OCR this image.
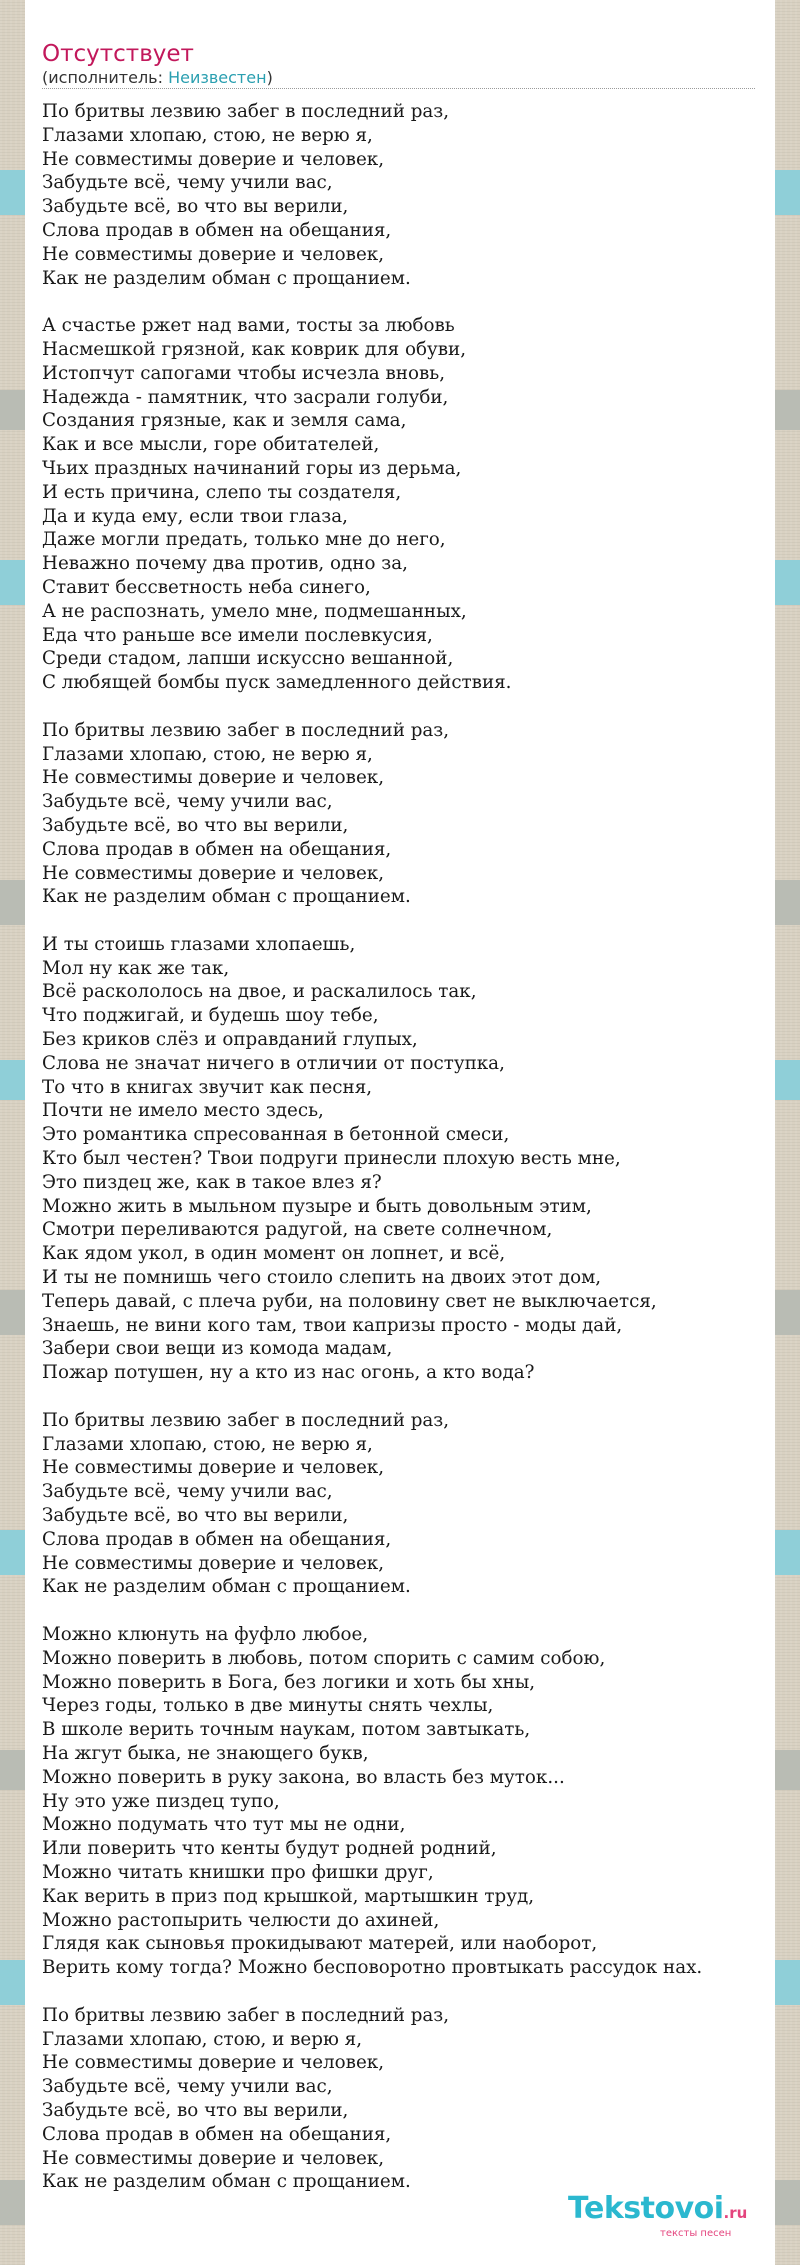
Отсутствует
(исполнитель: Неизвестен)
По бритвы лезвию забег в последний раз,
Глазами хлопаю, стою, не верю я,
Не совместимы доверие и человек,
Забудьте всё, чему учили вас,
Забудьте всё, во что вы верили,
Слова продав в обмен на обещания,
Не совместимы доверие и человек,
Как не разделим обман с прощанием.
А счастье ржет над вами, тосты за любовь
Насмешкой грязной, как коврик для обуви,
Истопчут сапогами чтобы исчезла вновь,
Надежда - памятник, что засрали голуби,
Создания грязные, как и земля сама,
Как и все мысли, горе обитателей,
Чьих праздных начинаний горы из дерьма,
И есть причина, слепо ты создателя,
Да и куда ему, если твои глаза,
Даже могли предать, только мне до него,
Неважно почему два против, одно за,
Ставит бессветность неба синего,
А не распознать, умело мне, подмешанных,
Еда что раньше все имели послевкусия,
Среди стадом, лапши искуссно вешанной,
С любящей бомбы пуск замедленного действия.
По бритвы лезвию забег в последний раз,
Глазами хлопаю, стою, не верю я,
Не совместимы доверие и человек,
Забудьте всё, чему учили вас,
Забудьте всё, во что вы верили,
Слова продав в обмен на обещания,
Не совместимы доверие и человек,
Как не разделим обман с прощанием.
И ты стоишь глазами хлопаешь,
Мол ну как же так,
Всё раскололось на двое, и раскалилось так,
Что поджигай, и будешь шоу тебе,
Без криков слёз и оправданий глупых,
Слова не значат ничего в отличии от поступка,
То что в книгах звучит как песня,
Почти не имело место здесь,
Это романтика спресованная в бетонной смеси,
Кто был честен? Твои подруги принесли плохую весть мне,
Это пиздец же, как в такое влез я?
Можно жить в мыльном пузыре и быть довольным этим,
Смотри переливаются радугой, на свете солнечном,
Как ядом укол, в один момент он лопнет, и всё,
И ты не помнишь чего стоило слепить на двоих этот дом,
Теперь давай, с плеча руби, на половину свет не выключается,
Знаешь, не вини кого там, твои капризы просто - моды дай,
Забери свои вещи из комода мадам,
Пожар потушен, ну а кто из нас огонь, а кто вода?
По бритвы лезвию забег в последний раз,
Глазами хлопаю, стою, не верю я,
Не совместимы доверие и человек,
Забудьте всё, чему учили вас,
Забудьте всё, во что вы верили,
Слова продав в обмен на обещания,
Не совместимы доверие и человек,
Как не разделим обман с прощанием.
Можно клюнуть на фуфло любое,
Можно поверить в любовь, потом спорить с самим собою,
Можно поверить в Бога, без логики и хоть бы хны,
Через годы, только в две минуты снять чехлы,
В школе верить точным наукам, потом завтыкать,
На жгут быка, не знающего букв,
Можно поверить в руку закона, во власть без муток...
Ну это уже пиздец тупо,
Можно подумать что тут мы не одни,
Или поверить что кенты будут родней родний,
Можно читать книшки про фишки друг,
Как верить в приз под крышкой, мартышкин труд,
Можно растопырить челюсти до ахиней,
Глядя как сыновья прокидывают матерей, или наоборот,
Верить кому тогда? Можно бесповоротно провтыкать рассудок нах.
По бритвы лезвию забег в последний раз,
Глазами хлопаю, стою, и верю я,
Не совместимы доверие и человек,
Забудьте всё, чему учили вас,
Забудьте всё, во что вы верили,
Слова продав в обмен на обещания,
Не совместимы доверие и человек,
Как не разделим обман с прощанием.
Tekstovoi.ru
тексты песен
